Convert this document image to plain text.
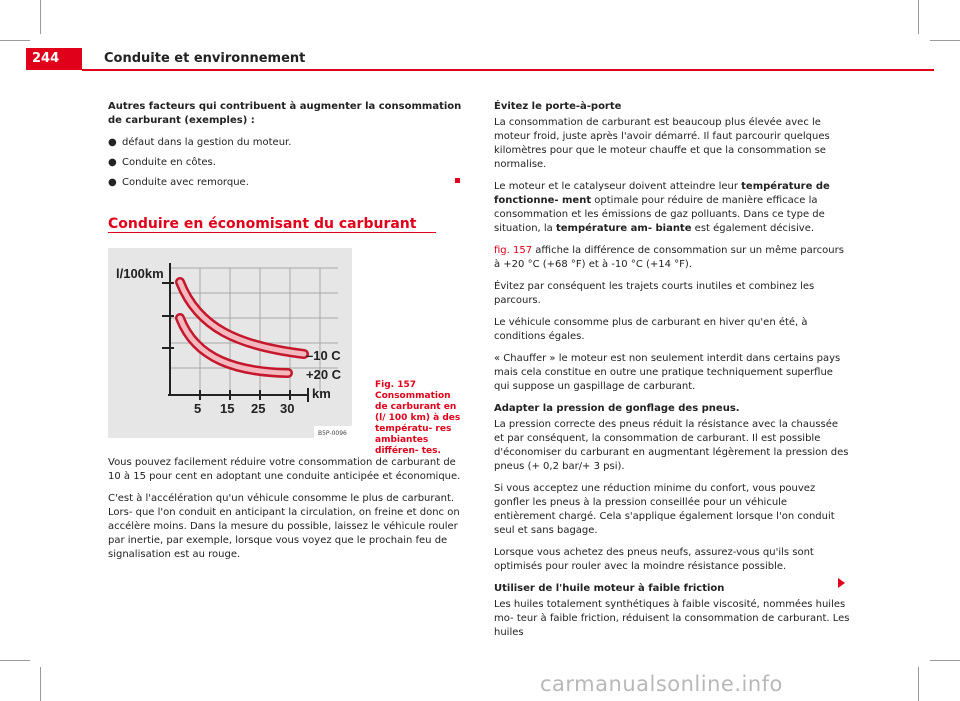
244	Conduite et environnement

Autres facteurs qui contribuent à augmenter la consommation de carburant (exemples) :

● défaut dans la gestion du moteur.
● Conduite en côtes.
● Conduite avec remorque.
Conduire en économisant du carburant
l/100km
–10 C
+20 C
km
5 15 25 30
B5P-0096
Fig. 157 Consommation de carburant en (l/ 100 km) à des températu- res ambiantes différen- tes.

Vous pouvez facilement réduire votre consommation de carburant de 10 à 15 pour cent en adoptant une conduite anticipée et économique.

C'est à l'accélération qu'un véhicule consomme le plus de carburant. Lors- que l'on conduit en anticipant la circulation, on freine et donc on accélère moins. Dans la mesure du possible, laissez le véhicule rouler par inertie, par exemple, lorsque vous voyez que le prochain feu de signalisation est au rouge.

Évitez le porte-à-porte

La consommation de carburant est beaucoup plus élevée avec le moteur froid, juste après l'avoir démarré. Il faut parcourir quelques kilomètres pour que le moteur chauffe et que la consommation se normalise.

Le moteur et le catalyseur doivent atteindre leur température de fonctionne- ment optimale pour réduire de manière efficace la consommation et les émissions de gaz polluants. Dans ce type de situation, la température am- biante est également décisive.

fig. 157 affiche la différence de consommation sur un même parcours à +20 °C (+68 °F) et à -10 °C (+14 °F).

Évitez par conséquent les trajets courts inutiles et combinez les parcours.

Le véhicule consomme plus de carburant en hiver qu'en été, à conditions égales.

« Chauffer » le moteur est non seulement interdit dans certains pays mais cela constitue en outre une pratique techniquement superflue qui suppose un gaspillage de carburant.

Adapter la pression de gonflage des pneus.

La pression correcte des pneus réduit la résistance avec la chaussée et par conséquent, la consommation de carburant. Il est possible d'économiser du carburant en augmentant légèrement la pression des pneus (+ 0,2 bar/+ 3 psi).

Si vous acceptez une réduction minime du confort, vous pouvez gonfler les pneus à la pression conseillée pour un véhicule entièrement chargé. Cela s'applique également lorsque l'on conduit seul et sans bagage.

Lorsque vous achetez des pneus neufs, assurez-vous qu'ils sont optimisés pour rouler avec la moindre résistance possible.

Utiliser de l'huile moteur à faible friction

Les huiles totalement synthétiques à faible viscosité, nommées huiles mo- teur à faible friction, réduisent la consommation de carburant. Les huiles

carmanualsonline.info
